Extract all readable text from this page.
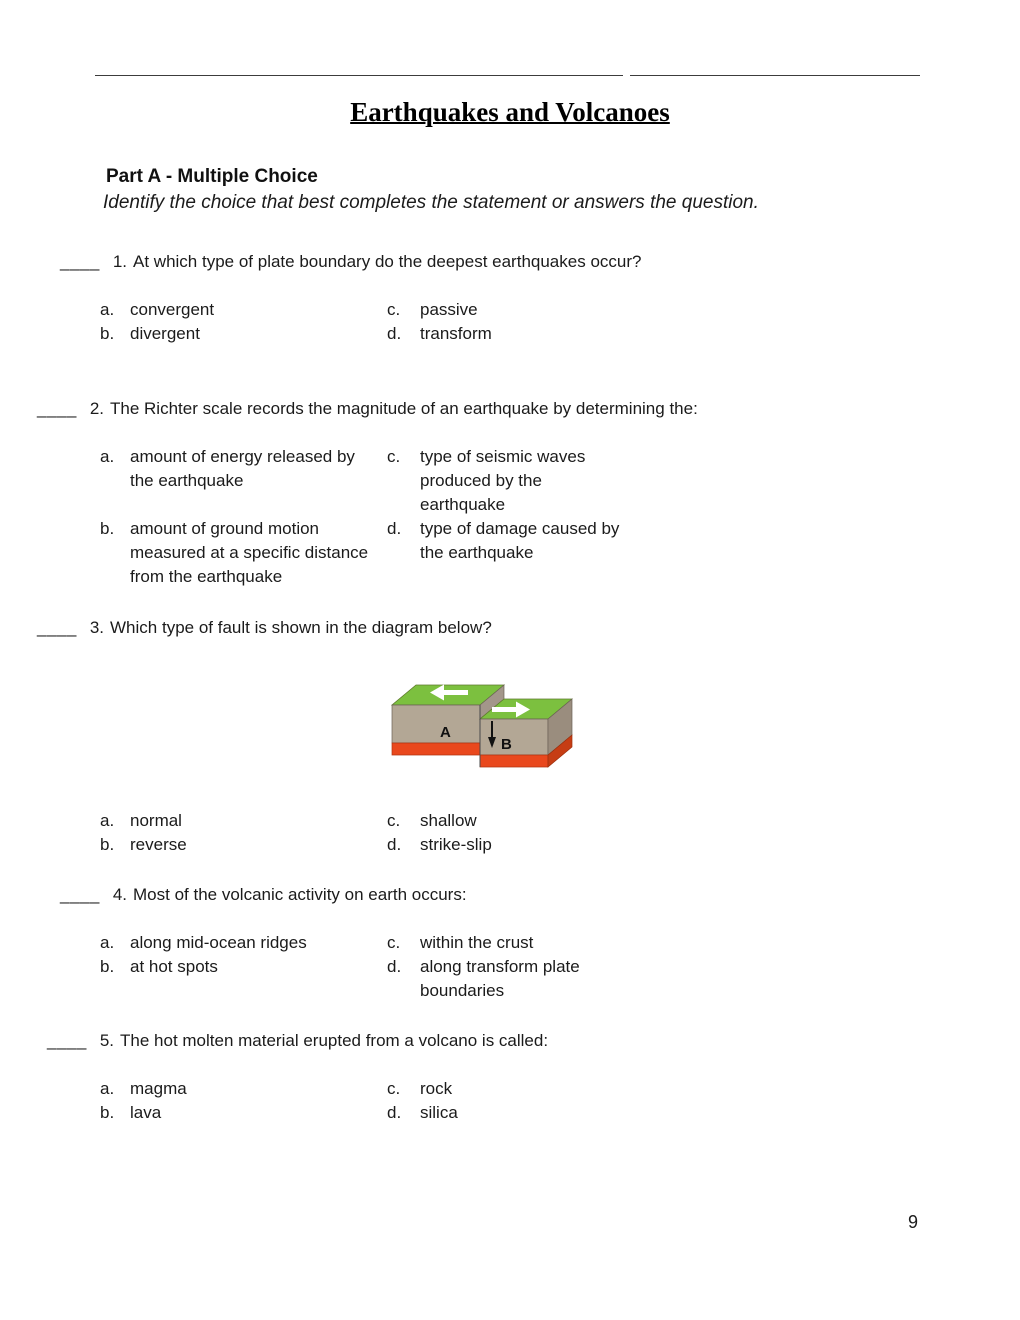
Earthquakes and Volcanoes
Part A - Multiple Choice
Identify the choice that best completes the statement or answers the question.
____ 1. At which type of plate boundary do the deepest earthquakes occur?
a. convergent	c.	passive
b. divergent	d.	transform
____ 2. The Richter scale records the magnitude of an earthquake by determining the:
a. amount of energy released by the earthquake
c.	type of seismic waves produced by the earthquake
b. amount of ground motion measured at a specific distance from the earthquake
d.	type of damage caused by the earthquake
____ 3. Which type of fault is shown in the diagram below?
A
B
a. normal	c.	shallow
b. reverse	d.	strike-slip
____ 4. Most of the volcanic activity on earth occurs:
a. along mid-ocean ridges	c.	within the crust
b. at hot spots	d.	along transform plate boundaries
____ 5. The hot molten material erupted from a volcano is called:
a. magma	c.	rock
b. lava	d.	silica
9
